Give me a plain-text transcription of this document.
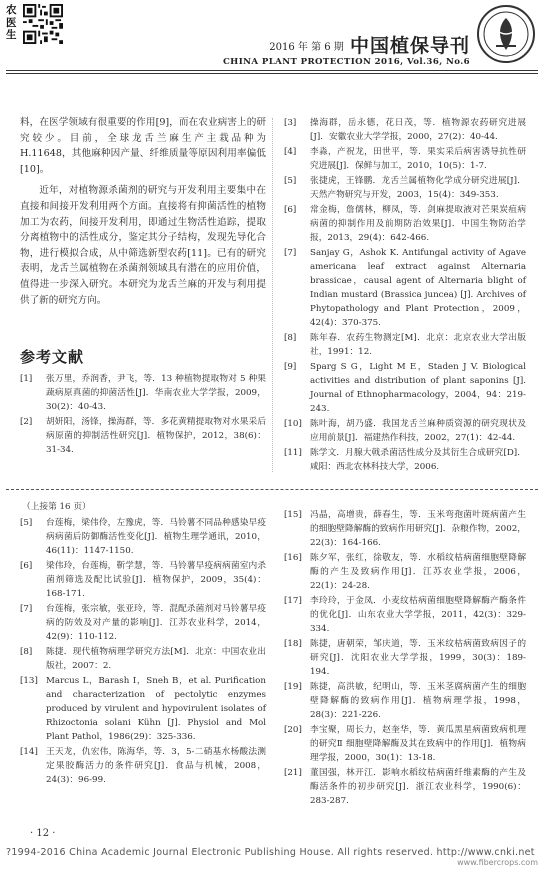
农医生
2016 年 第 6 期 中国植保导刊
CHINA PLANT PROTECTION 2016, Vol.36, No.6

料，在医学领域有很重要的作用[9]，而在农业病害上的研究较少。目前，全球龙舌兰麻生产主栽品种为 H.11648，其他麻种因产量、纤维质量等原因利用率偏低[10]。

近年，对植物源杀菌剂的研究与开发利用主要集中在直接和间接开发利用两个方面。直接将有抑菌活性的植物加工为农药，间接开发利用，即通过生物活性追踪，提取分离植物中的活性成分，鉴定其分子结构，发现先导化合物，进行模拟合成，从中筛选新型农药[11]。已有的研究表明，龙舌兰属植物在杀菌剂领域具有潜在的应用价值，值得进一步深入研究。本研究为龙舌兰麻的开发与利用提供了新的研究方向。

参考文献
[1]	张万里，乔润香，尹飞，等．13 种植物提取物对 5 种果蔬病原真菌的抑菌活性[J]．华南农业大学学报，2009，30(2)：40-43.
[2]	胡妍阳，汤锋，操海群，等．多花黄精提取物对水果采后病原菌的抑制活性研究[J]．植物保护，2012，38(6)：31-34.
[3]	操海群，岳永德，花日茂，等．植物源农药研究进展[J]．安徽农业大学学报，2000，27(2)：40-44.
[4]	李淼，产祝龙，田世平，等．果实采后病害诱导抗性研究进展[J]．保鲜与加工，2010，10(5)：1-7.
[5]	张捷虎，王锋鹏．龙舌兰属植物化学成分研究进展[J]．天然产物研究与开发，2003，15(4)：349-353.
[6]	常金梅，詹儒林，柳凤，等．剑麻提取液对芒果炭疽病病菌的抑制作用及前期防治效果[J]．中国生物防治学报，2013，29(4)：642-466.
[7]	Sanjay G，Ashok K. Antifungal activity of Agave americana leaf extract against Alternaria brassicae，causal agent of Alternaria blight of Indian mustard (Brassica juncea) [J]. Archives of Phytopathology and Plant Protection，2009，42(4)：370-375.
[8]	陈年春．农药生物测定[M]．北京：北京农业大学出版社，1991：12.
[9]	Sparg S G，Light M E，Staden J V. Biological activities and distribution of plant saponins [J]. Journal of Ethnopharmacology，2004，94：219-243.
[10] 陈叶海，胡乃盛．我国龙舌兰麻种质资源的研究现状及应用前景[J]．福建热作科技，2002，27(1)：42-44.
[11] 陈学文．月腺大戟杀菌活性成分及其衍生合成研究[D]．咸阳：西北农林科技大学，2006.
（上接第 16 页）
[5]	台莲梅，梁伟伶，左豫虎，等．马铃薯不同品种感染早疫病病菌后防御酶活性变化[J]．植物生理学通讯，2010，46(11)：1147-1150.
[6]	梁伟玲，台莲梅，靳学慧，等．马铃薯早疫病病菌室内杀菌剂筛选及配比试验[J]．植物保护，2009，35(4)：168-171.
[7]	台莲梅，张宗敏，张亚玲，等．混配杀菌剂对马铃薯早疫病的防效及对产量的影响[J]．江苏农业科学，2014，42(9)：110-112.
[8]	陈捷．现代植物病理学研究方法[M]．北京：中国农业出版社，2007：2.
[13] Marcus L，Barash I，Sneh B，et al. Purification and characterization of pectolytic enzymes produced by virulent and hypovirulent isolates of Rhizoctonia solani Kühn [J]. Physiol and Mol Plant Pathol，1986(29)：325-336.
[14] 王天龙，仇宏伟，陈海华，等．3，5-二硝基水杨酸法测定果胶酶活力的条件研究[J]．食品与机械，2008，24(3)：96-99.
[15] 冯晶，高增贵，薛春生，等．玉米弯孢菌叶斑病菌产生的细胞壁降解酶的致病作用研究[J]．杂粮作物，2002，22(3)：164-166.
[16] 陈夕军，张红，徐敬友，等．水稻纹枯病菌细胞壁降解酶的产生及致病作用[J]．江苏农业学报，2006，22(1)：24-28.
[17] 李玲玲，于金凤．小麦纹枯病菌细胞壁降解酶产酶条件的优化[J]．山东农业大学学报，2011，42(3)：329-334.
[18] 陈捷，唐朝荣，邹庆道，等．玉米纹枯病菌致病因子的研究[J]．沈阳农业大学学报，1999，30(3)：189-194.
[19] 陈捷，高洪敏，纪明山，等．玉米茎腐病菌产生的细胞壁降解酶的致病作用[J]．植物病理学报，1998，28(3)：221-226.
[20] 李宝聚，周长力，赵奎华，等．黄瓜黑星病菌致病机理的研究Ⅱ 细胞壁降解酶及其在致病中的作用[J]．植物病理学报，2000，30(1)：13-18.
[21] 董国强，林开江．影响水稻纹枯病菌纤维素酶的产生及酶活条件的初步研究[J]．浙江农业科学，1990(6)：283-287.
· 12 ·
?1994-2016 China Academic Journal Electronic Publishing House. All rights reserved. http://www.cnki.net
www.fibercrops.com
